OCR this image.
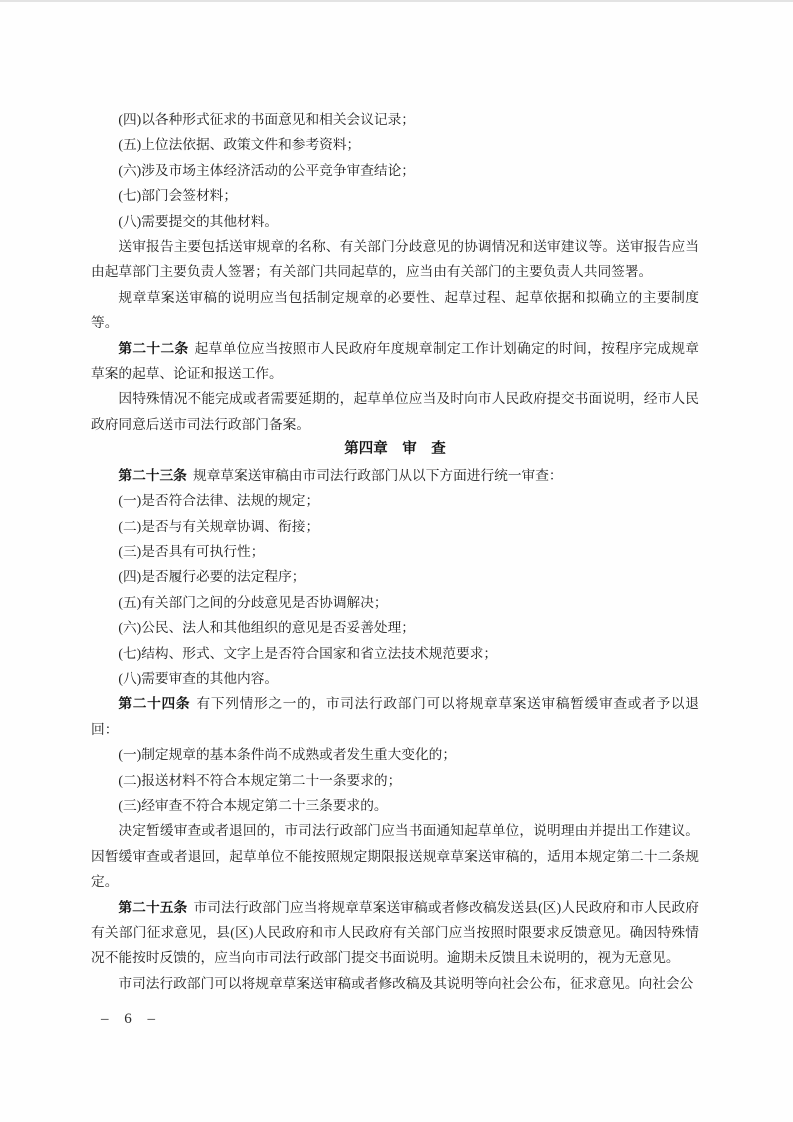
(四)以各种形式征求的书面意见和相关会议记录；
(五)上位法依据、政策文件和参考资料；
(六)涉及市场主体经济活动的公平竞争审查结论；
(七)部门会签材料；
(八)需要提交的其他材料。
送审报告主要包括送审规章的名称、有关部门分歧意见的协调情况和送审建议等。送审报告应当由起草部门主要负责人签署；有关部门共同起草的，应当由有关部门的主要负责人共同签署。
规章草案送审稿的说明应当包括制定规章的必要性、起草过程、起草依据和拟确立的主要制度等。
第二十二条 起草单位应当按照市人民政府年度规章制定工作计划确定的时间，按程序完成规章草案的起草、论证和报送工作。
因特殊情况不能完成或者需要延期的，起草单位应当及时向市人民政府提交书面说明，经市人民政府同意后送市司法行政部门备案。
第四章　审　查
第二十三条 规章草案送审稿由市司法行政部门从以下方面进行统一审查：
(一)是否符合法律、法规的规定；
(二)是否与有关规章协调、衔接；
(三)是否具有可执行性；
(四)是否履行必要的法定程序；
(五)有关部门之间的分歧意见是否协调解决；
(六)公民、法人和其他组织的意见是否妥善处理；
(七)结构、形式、文字上是否符合国家和省立法技术规范要求；
(八)需要审查的其他内容。
第二十四条 有下列情形之一的，市司法行政部门可以将规章草案送审稿暂缓审查或者予以退回：
(一)制定规章的基本条件尚不成熟或者发生重大变化的；
(二)报送材料不符合本规定第二十一条要求的；
(三)经审查不符合本规定第二十三条要求的。
决定暂缓审查或者退回的，市司法行政部门应当书面通知起草单位，说明理由并提出工作建议。因暂缓审查或者退回，起草单位不能按照规定期限报送规章草案送审稿的，适用本规定第二十二条规定。
第二十五条 市司法行政部门应当将规章草案送审稿或者修改稿发送县(区)人民政府和市人民政府有关部门征求意见，县(区)人民政府和市人民政府有关部门应当按照时限要求反馈意见。确因特殊情况不能按时反馈的，应当向市司法行政部门提交书面说明。逾期未反馈且未说明的，视为无意见。
市司法行政部门可以将规章草案送审稿或者修改稿及其说明等向社会公布，征求意见。向社会公
– 6 –
